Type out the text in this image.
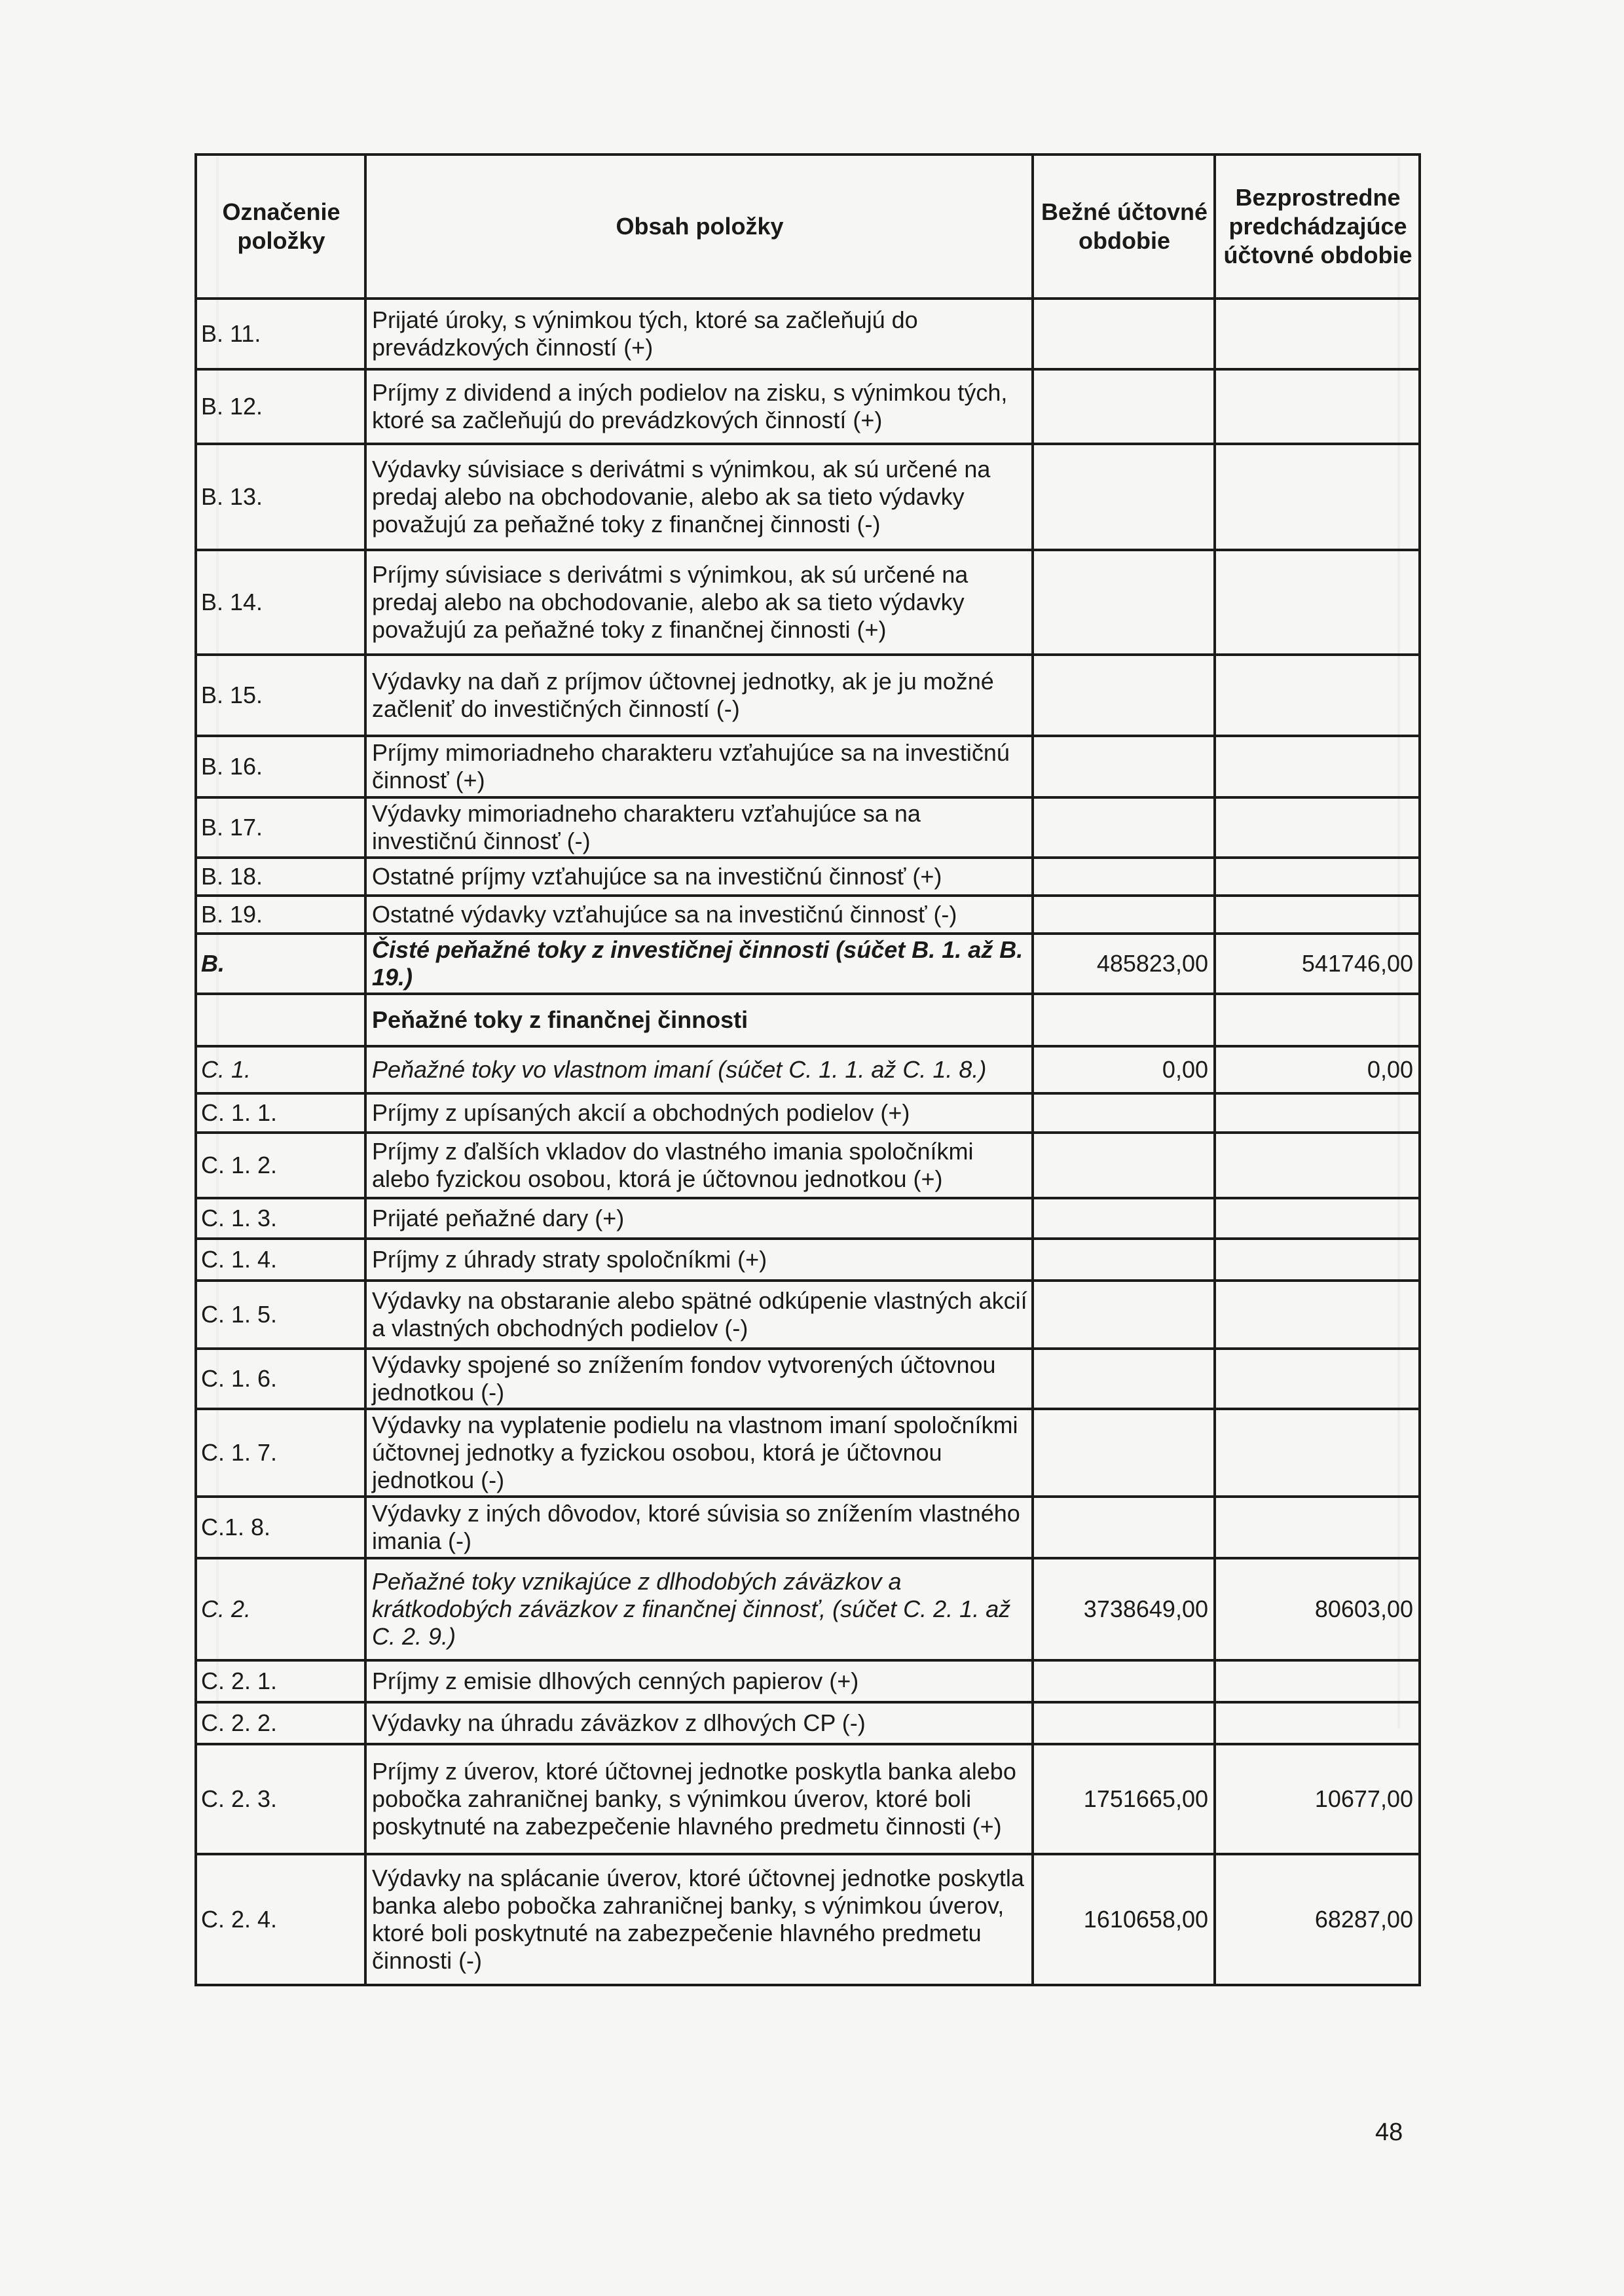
Označenie položky	Obsah položky	Bežné účtovné obdobie	Bezprostredne predchádzajúce účtovné obdobie
B. 11.	Prijaté úroky, s výnimkou tých, ktoré sa začleňujú do prevádzkových činností (+)		
B. 12.	Príjmy z dividend a iných podielov na zisku, s výnimkou tých, ktoré sa začleňujú do prevádzkových činností (+)		
B. 13.	Výdavky súvisiace s derivátmi s výnimkou, ak sú určené na predaj alebo na obchodovanie, alebo ak sa tieto výdavky považujú za peňažné toky z finančnej činnosti (-)		
B. 14.	Príjmy súvisiace s derivátmi s výnimkou, ak sú určené na predaj alebo na obchodovanie, alebo ak sa tieto výdavky považujú za peňažné toky z finančnej činnosti (+)		
B. 15.	Výdavky na daň z príjmov účtovnej jednotky, ak je ju možné začleniť do investičných činností (-)		
B. 16.	Príjmy mimoriadneho charakteru vzťahujúce sa na investičnú činnosť (+)		
B. 17.	Výdavky mimoriadneho charakteru vzťahujúce sa na investičnú činnosť (-)		
B. 18.	Ostatné príjmy vzťahujúce sa na investičnú činnosť (+)		
B. 19.	Ostatné výdavky vzťahujúce sa na investičnú činnosť (-)		
B.	Čisté peňažné toky z investičnej činnosti (súčet B. 1. až B. 19.)	485823,00	541746,00
	Peňažné toky z finančnej činnosti		
C. 1.	Peňažné toky vo vlastnom imaní (súčet C. 1. 1. až C. 1. 8.)	0,00	0,00
C. 1. 1.	Príjmy z upísaných akcií a obchodných podielov (+)		
C. 1. 2.	Príjmy z ďalších vkladov do vlastného imania spoločníkmi alebo fyzickou osobou, ktorá je účtovnou jednotkou (+)		
C. 1. 3.	Prijaté peňažné dary (+)		
C. 1. 4.	Príjmy z úhrady straty spoločníkmi (+)		
C. 1. 5.	Výdavky na obstaranie alebo spätné odkúpenie vlastných akcií a vlastných obchodných podielov (-)		
C. 1. 6.	Výdavky spojené so znížením fondov vytvorených účtovnou jednotkou (-)		
C. 1. 7.	Výdavky na vyplatenie podielu na vlastnom imaní spoločníkmi účtovnej jednotky a fyzickou osobou, ktorá je účtovnou jednotkou (-)		
C.1. 8.	Výdavky z iných dôvodov, ktoré súvisia so znížením vlastného imania (-)		
C. 2.	Peňažné toky vznikajúce z dlhodobých záväzkov a krátkodobých záväzkov z finančnej činnosť, (súčet C. 2. 1. až C. 2. 9.)	3738649,00	80603,00
C. 2. 1.	Príjmy z emisie dlhových cenných papierov (+)		
C. 2. 2.	Výdavky na úhradu záväzkov z dlhových CP (-)		
C. 2. 3.	Príjmy z úverov, ktoré účtovnej jednotke poskytla banka alebo pobočka zahraničnej banky, s výnimkou úverov, ktoré boli poskytnuté na zabezpečenie hlavného predmetu činnosti (+)	1751665,00	10677,00
C. 2. 4.	Výdavky na splácanie úverov, ktoré účtovnej jednotke poskytla banka alebo pobočka zahraničnej banky, s výnimkou úverov, ktoré boli poskytnuté na zabezpečenie hlavného predmetu činnosti (-)	1610658,00	68287,00
48
